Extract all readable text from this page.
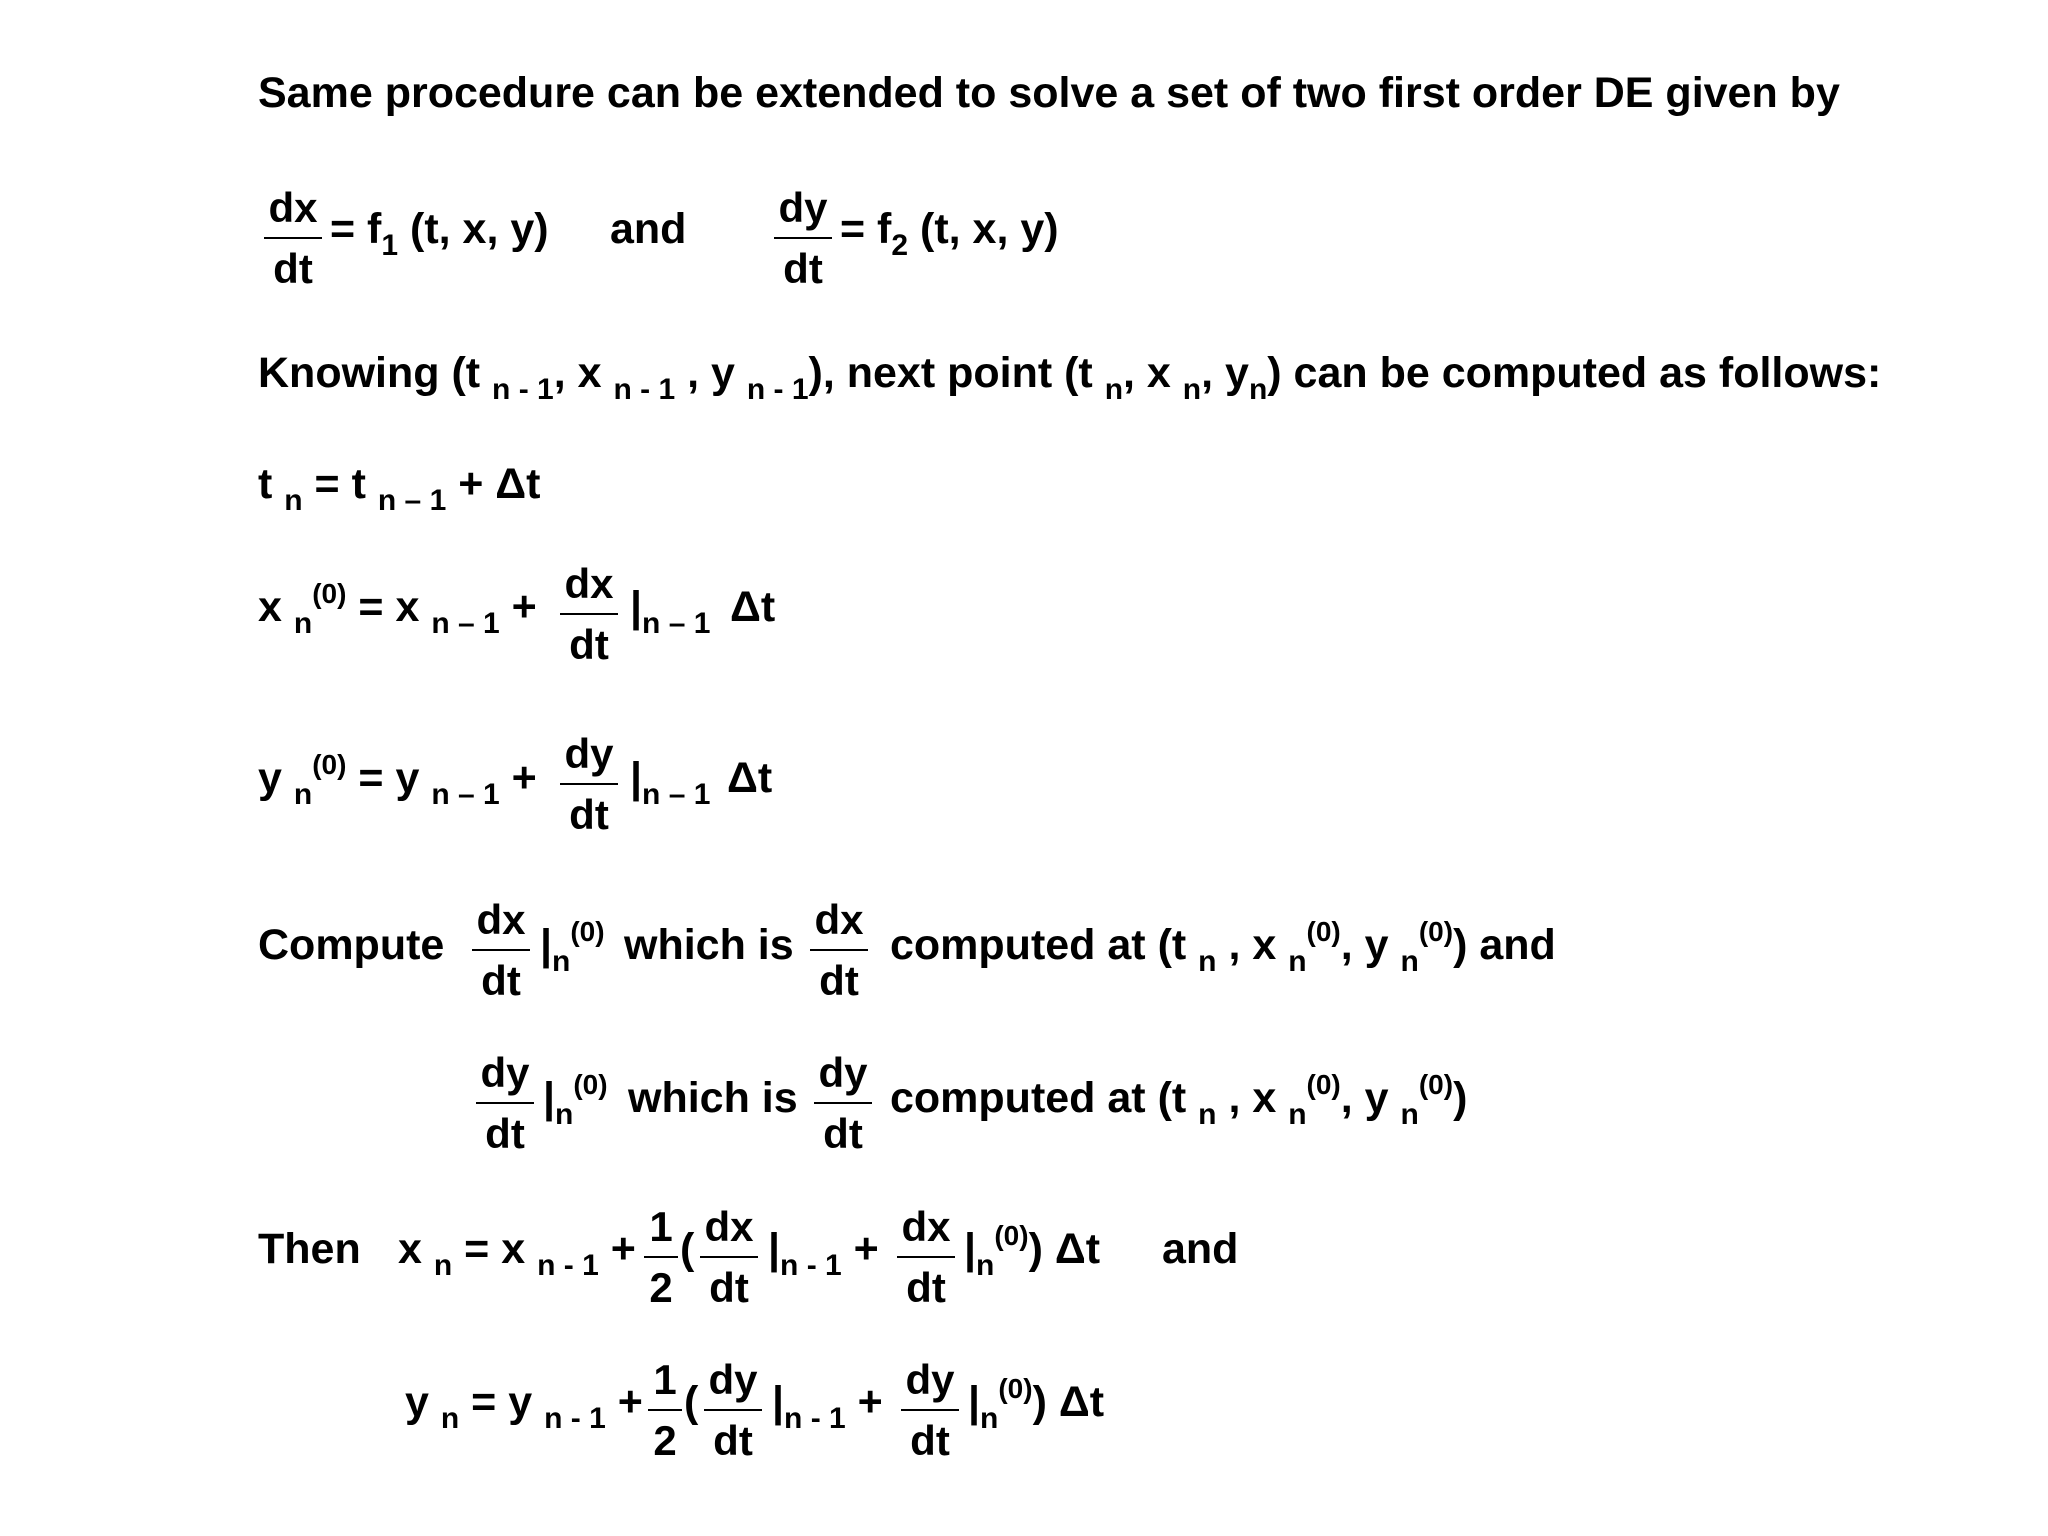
Same procedure can be extended to solve a set of two first order DE given by
dx
dt
= $f_1$ (t, x, y) and dy
dt
= $f_2$ (t, x, y)
Knowing (t $_{n - 1}$, x $_{n - 1}$ , y $_{n - 1}$), next point (t $_n$, x $_n$, $y_n$) can be computed as follows:
t $_n$ = t $_{n - 1}$ + Δt
x $_n^{(0)}$ = x $_{n - 1}$ + dx
dt
$|_{n - 1}$ Δt
y $_n^{(0)}$ = y $_{n - 1}$ +
dy
dt
$|_{n - 1}$ Δt
Compute
dx
dt
$|_n^{(0)}$ which is
dx
dt
computed at (t $_n$ , x $_n^{(0)}$, y $_n^{(0)}$) and
dy
dt
$|_n^{(0)}$ which is
dy
dt
computed at (t $_n$ , x $_n^{(0)}$, y $_n^{(0)}$)
Then x $_n$ = x $_{n - 1}$ + 1
2
( dx
dt
$|_{n - 1}$ + dx
dt
$|_n^{(0)}$) Δt and
y $_n$ = y $_{n - 1}$ + 1
2
( dy
dt
$|_{n - 1}$ + dy
dt
$|_n^{(0)}$) Δt
